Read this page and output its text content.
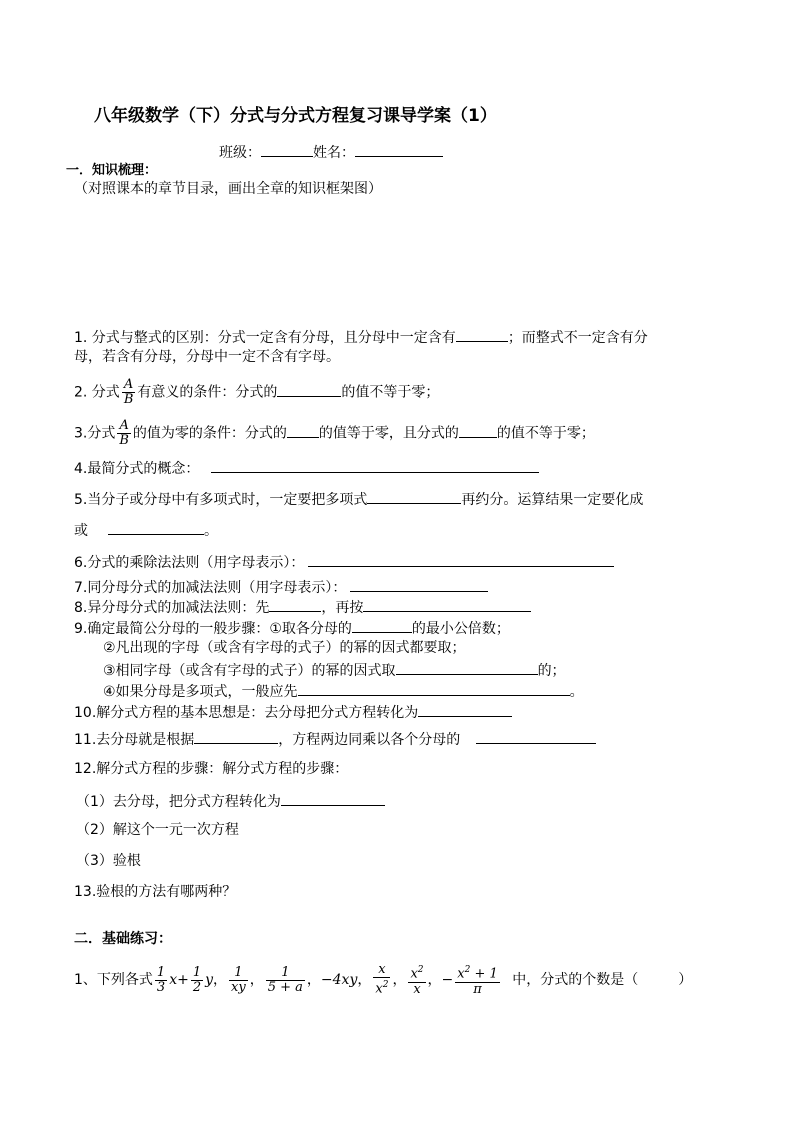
八年级数学（下）分式与分式方程复习课导学案（1）
班级：	姓名：
一．知识梳理：
（对照课本的章节目录，画出全章的知识框架图）
1. 分式与整式的区别：分式一定含有分母，且分母中一定含有	；而整式不一定含有分
母，若含有分母，分母中一定不含有字母。
2. 分式 $\frac{A}{B}$ 有意义的条件：分式的	的值不等于零；
3.分式 $\frac{A}{B}$ 的值为零的条件：分式的 的值等于零，且分式的	的值不等于零；
4.最简分式的概念：
5.当分子或分母中有多项式时，一定要把多项式	再约分。运算结果一定要化成
或	。
6.分式的乘除法法则（用字母表示）：
7.同分母分式的加减法法则（用字母表示）：
8.异分母分式的加减法法则：先	，再按
9.确定最简公分母的一般步骤：①取各分母的	的最小公倍数；
②凡出现的字母（或含有字母的式子）的幂的因式都要取；
③相同字母（或含有字母的式子）的幂的因式取	的；
④如果分母是多项式，一般应先	。
10.解分式方程的基本思想是：去分母把分式方程转化为
11.去分母就是根据	，方程两边同乘以各个分母的
12.解分式方程的步骤：解分式方程的步骤：
（1）去分母，把分式方程转化为
（2）解这个一元一次方程
（3）验根
13.验根的方法有哪两种？
二．基础练习：
1、下列各式 $\frac{1}{3} x+ \frac{1}{2}$ y， $\frac{1}{xy}$ ， $\frac{1}{5 + a}$ ，−4xy， $\frac{x}{x^2}$ ， $\frac{x^2}{x}$ ，− $\frac{x^2 + 1}{\pi}$ 中，分式的个数是（	）
